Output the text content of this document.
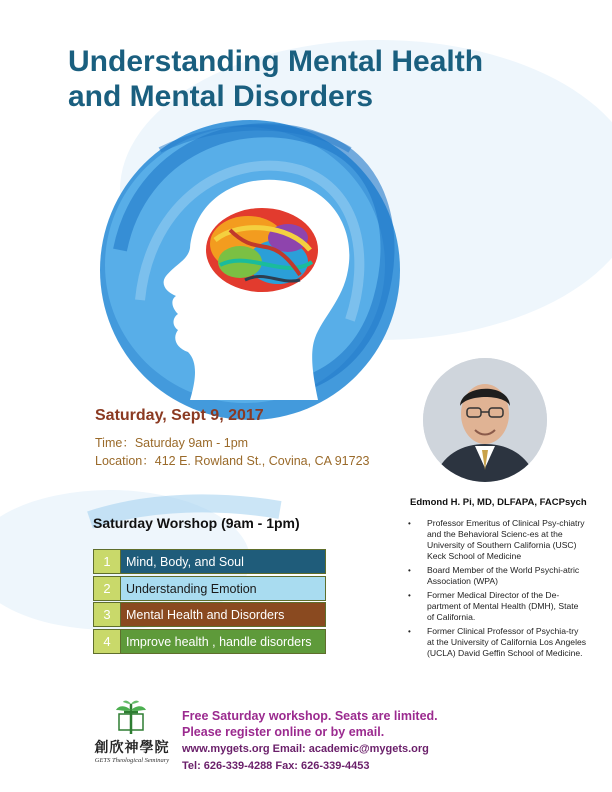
Understanding Mental Health
and Mental Disorders
Saturday, Sept 9, 2017
Time：Saturday 9am - 1pm
Location：412 E. Rowland St., Covina, CA 91723
Edmond H. Pi, MD, DLFAPA, FACPsych
• Professor Emeritus of Clinical Psy-chiatry and the Behavioral Scienc-es at the University of Southern California (USC) Keck School of Medicine
• Board Member of the World Psychi-atric Association (WPA)
• Former Medical Director of the De-partment of Mental Health (DMH), State of California.
• Former Clinical Professor of Psychia-try at the University of California Los Angeles (UCLA) David Geffin School of Medicine.
Saturday Worshop (9am - 1pm)
1	Mind, Body, and Soul
2	Understanding Emotion
3	Mental Health and Disorders
4	Improve health , handle disorders
創欣神學院
GETS Theological Seminary
Free Saturday workshop. Seats are limited.
Please register online or by email.
www.mygets.org Email: academic@mygets.org
Tel: 626-339-4288 Fax: 626-339-4453
